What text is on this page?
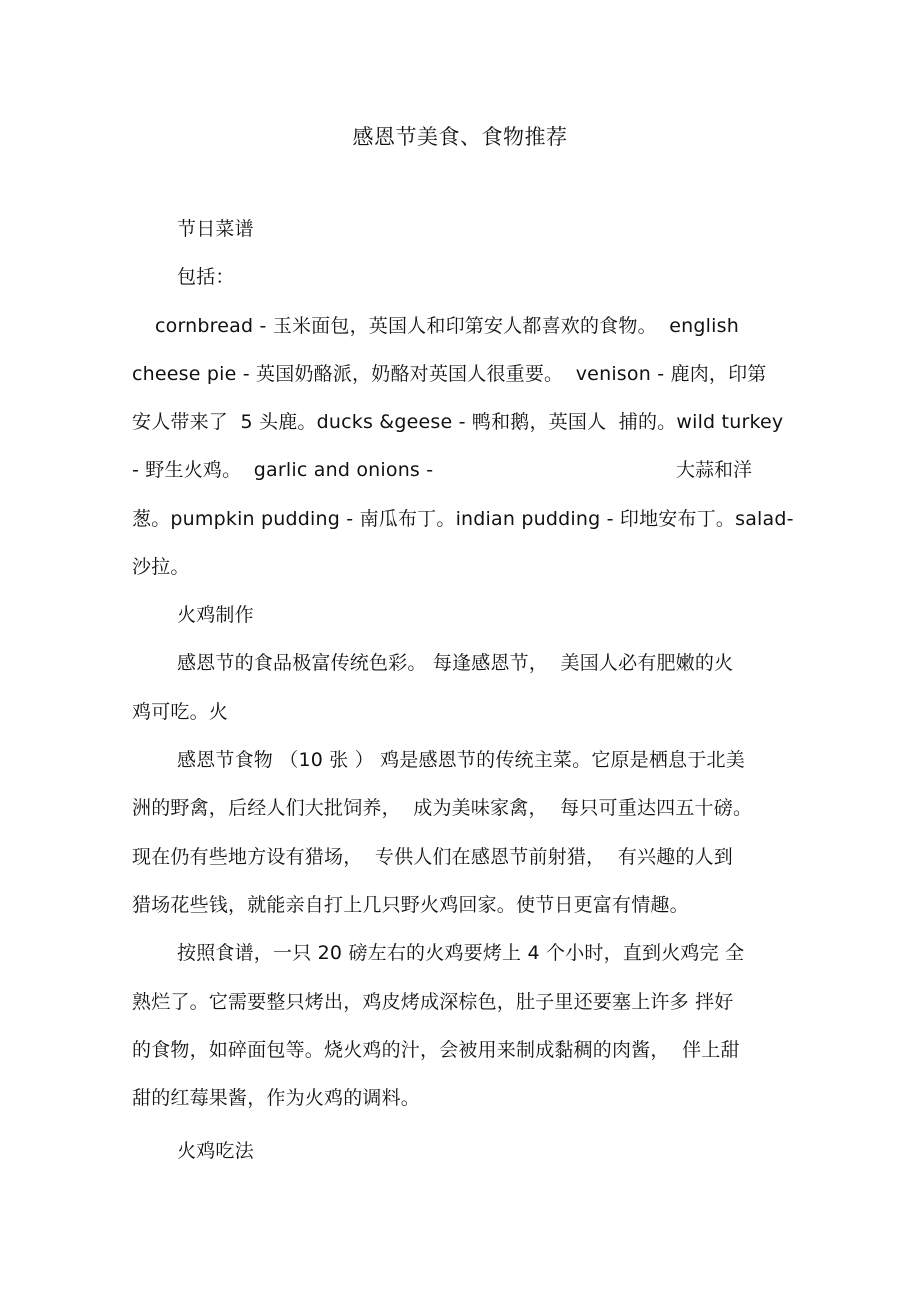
感恩节美食、食物推荐
节日菜谱
包括：
cornbread - 玉米面包，英国人和印第安人都喜欢的食物。  english
cheese pie - 英国奶酪派，奶酪对英国人很重要。  venison - 鹿肉，印第
安人带来了  5 头鹿。ducks &geese - 鸭和鹅，英国人  捕的。wild turkey
- 野生火鸡。  garlic and onions -	大蒜和洋
葱。pumpkin pudding - 南瓜布丁。indian pudding - 印地安布丁。salad-
沙拉。
火鸡制作
感恩节的食品极富传统色彩。 每逢感恩节，  美国人必有肥嫩的火
鸡可吃。火
感恩节食物 （10 张 ） 鸡是感恩节的传统主菜。它原是栖息于北美
洲的野禽，后经人们大批饲养，  成为美味家禽，  每只可重达四五十磅。
现在仍有些地方设有猎场，  专供人们在感恩节前射猎，  有兴趣的人到
猎场花些钱，就能亲自打上几只野火鸡回家。使节日更富有情趣。
按照食谱，一只 20 磅左右的火鸡要烤上 4 个小时，直到火鸡完 全
熟烂了。它需要整只烤出，鸡皮烤成深棕色，肚子里还要塞上许多 拌好
的食物，如碎面包等。烧火鸡的汁，会被用来制成黏稠的肉酱，  伴上甜
甜的红莓果酱，作为火鸡的调料。
火鸡吃法
